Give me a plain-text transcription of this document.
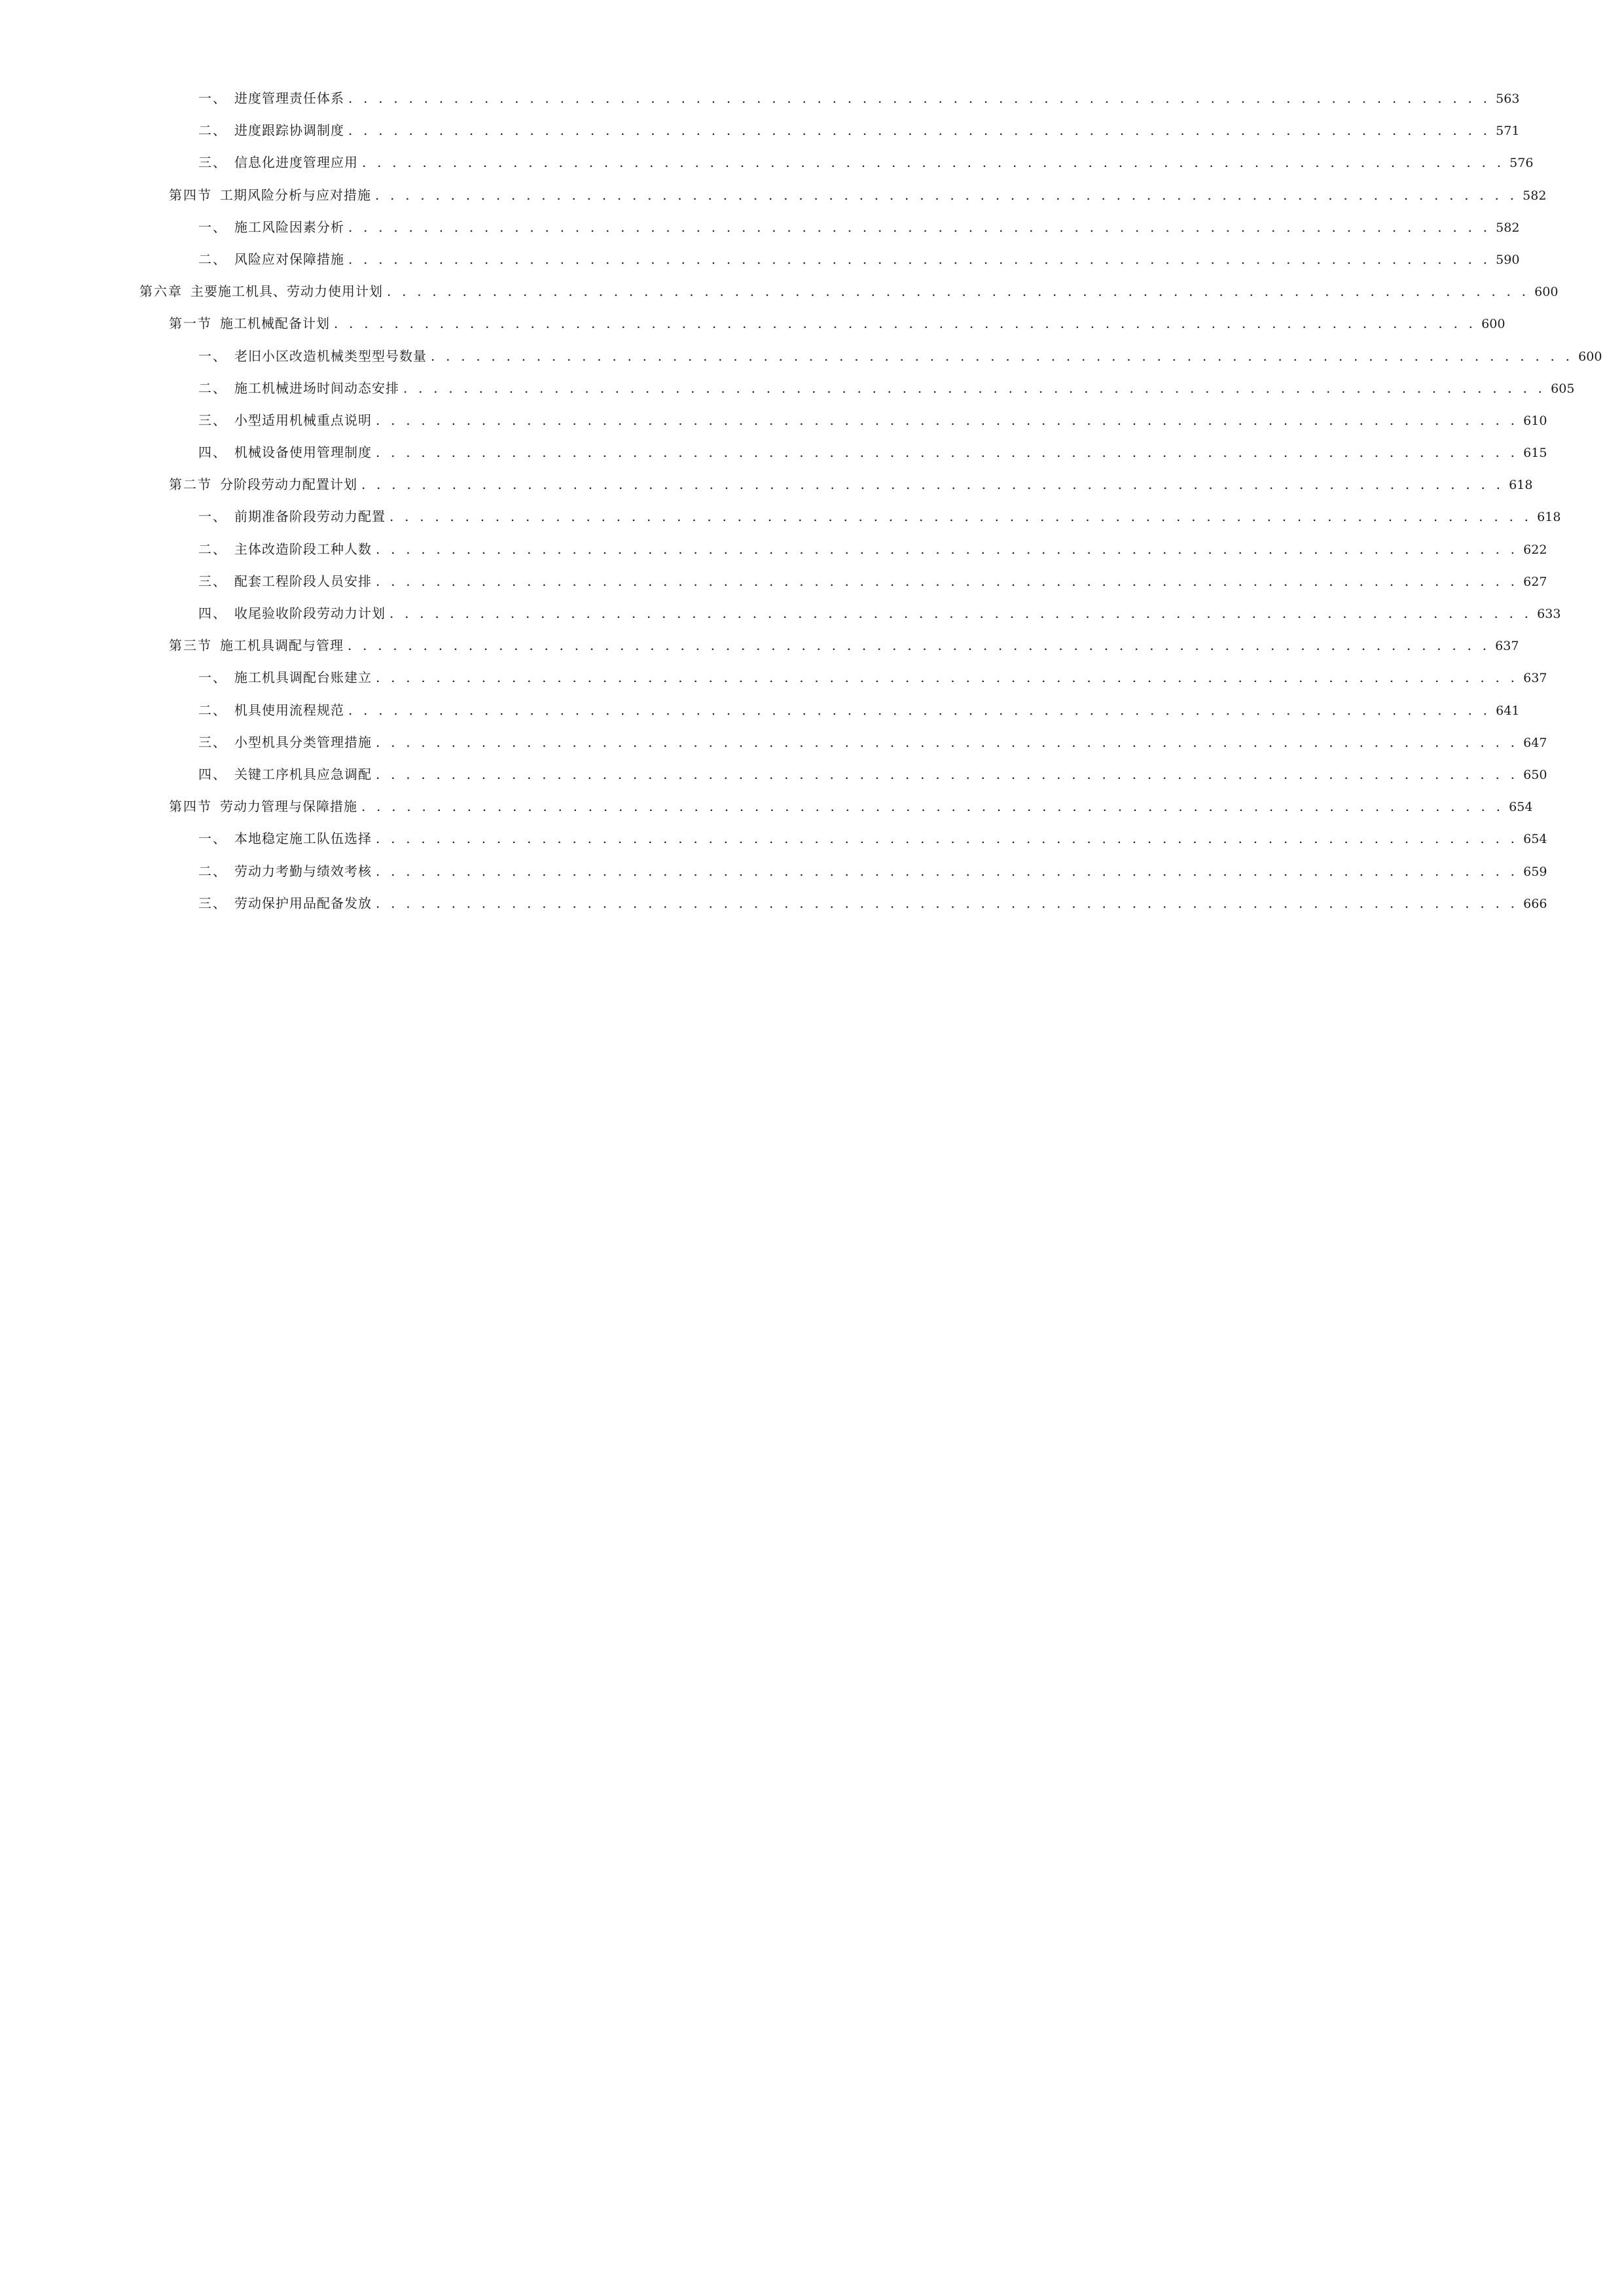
一、 进度管理责任体系 . . . . . . . . . . . . . . . . . . . . . . . . . . . . . . . . . . . . . . . . . . . . . . . . . . . . . . . . . . . . . . . . . . . . . . . . . . . . 563
二、 进度跟踪协调制度 . . . . . . . . . . . . . . . . . . . . . . . . . . . . . . . . . . . . . . . . . . . . . . . . . . . . . . . . . . . . . . . . . . . . . . . . . . . . 571
三、 信息化进度管理应用 . . . . . . . . . . . . . . . . . . . . . . . . . . . . . . . . . . . . . . . . . . . . . . . . . . . . . . . . . . . . . . . . . . . . . . . . . . . . 576
第四节 工期风险分析与应对措施 . . . . . . . . . . . . . . . . . . . . . . . . . . . . . . . . . . . . . . . . . . . . . . . . . . . . . . . . . . . . . . . . . . . . . . . . . . . . 582
一、 施工风险因素分析 . . . . . . . . . . . . . . . . . . . . . . . . . . . . . . . . . . . . . . . . . . . . . . . . . . . . . . . . . . . . . . . . . . . . . . . . . . . . 582
二、 风险应对保障措施 . . . . . . . . . . . . . . . . . . . . . . . . . . . . . . . . . . . . . . . . . . . . . . . . . . . . . . . . . . . . . . . . . . . . . . . . . . . . 590
第六章 主要施工机具、劳动力使用计划 . . . . . . . . . . . . . . . . . . . . . . . . . . . . . . . . . . . . . . . . . . . . . . . . . . . . . . . . . . . . . . . . . . . . . . . . . . . . 600
第一节 施工机械配备计划 . . . . . . . . . . . . . . . . . . . . . . . . . . . . . . . . . . . . . . . . . . . . . . . . . . . . . . . . . . . . . . . . . . . . . . . . . . . . 600
一、 老旧小区改造机械类型型号数量 . . . . . . . . . . . . . . . . . . . . . . . . . . . . . . . . . . . . . . . . . . . . . . . . . . . . . . . . . . . . . . . . . . . . . . . . . . . . 600
二、 施工机械进场时间动态安排 . . . . . . . . . . . . . . . . . . . . . . . . . . . . . . . . . . . . . . . . . . . . . . . . . . . . . . . . . . . . . . . . . . . . . . . . . . . . 605
三、 小型适用机械重点说明 . . . . . . . . . . . . . . . . . . . . . . . . . . . . . . . . . . . . . . . . . . . . . . . . . . . . . . . . . . . . . . . . . . . . . . . . . . . . 610
四、 机械设备使用管理制度 . . . . . . . . . . . . . . . . . . . . . . . . . . . . . . . . . . . . . . . . . . . . . . . . . . . . . . . . . . . . . . . . . . . . . . . . . . . . 615
第二节 分阶段劳动力配置计划 . . . . . . . . . . . . . . . . . . . . . . . . . . . . . . . . . . . . . . . . . . . . . . . . . . . . . . . . . . . . . . . . . . . . . . . . . . . . 618
一、 前期准备阶段劳动力配置 . . . . . . . . . . . . . . . . . . . . . . . . . . . . . . . . . . . . . . . . . . . . . . . . . . . . . . . . . . . . . . . . . . . . . . . . . . . . 618
二、 主体改造阶段工种人数 . . . . . . . . . . . . . . . . . . . . . . . . . . . . . . . . . . . . . . . . . . . . . . . . . . . . . . . . . . . . . . . . . . . . . . . . . . . . 622
三、 配套工程阶段人员安排 . . . . . . . . . . . . . . . . . . . . . . . . . . . . . . . . . . . . . . . . . . . . . . . . . . . . . . . . . . . . . . . . . . . . . . . . . . . . 627
四、 收尾验收阶段劳动力计划 . . . . . . . . . . . . . . . . . . . . . . . . . . . . . . . . . . . . . . . . . . . . . . . . . . . . . . . . . . . . . . . . . . . . . . . . . . . . 633
第三节 施工机具调配与管理 . . . . . . . . . . . . . . . . . . . . . . . . . . . . . . . . . . . . . . . . . . . . . . . . . . . . . . . . . . . . . . . . . . . . . . . . . . . . 637
一、 施工机具调配台账建立 . . . . . . . . . . . . . . . . . . . . . . . . . . . . . . . . . . . . . . . . . . . . . . . . . . . . . . . . . . . . . . . . . . . . . . . . . . . . 637
二、 机具使用流程规范 . . . . . . . . . . . . . . . . . . . . . . . . . . . . . . . . . . . . . . . . . . . . . . . . . . . . . . . . . . . . . . . . . . . . . . . . . . . . 641
三、 小型机具分类管理措施 . . . . . . . . . . . . . . . . . . . . . . . . . . . . . . . . . . . . . . . . . . . . . . . . . . . . . . . . . . . . . . . . . . . . . . . . . . . . 647
四、 关键工序机具应急调配 . . . . . . . . . . . . . . . . . . . . . . . . . . . . . . . . . . . . . . . . . . . . . . . . . . . . . . . . . . . . . . . . . . . . . . . . . . . . 650
第四节 劳动力管理与保障措施 . . . . . . . . . . . . . . . . . . . . . . . . . . . . . . . . . . . . . . . . . . . . . . . . . . . . . . . . . . . . . . . . . . . . . . . . . . . . 654
一、 本地稳定施工队伍选择 . . . . . . . . . . . . . . . . . . . . . . . . . . . . . . . . . . . . . . . . . . . . . . . . . . . . . . . . . . . . . . . . . . . . . . . . . . . . 654
二、 劳动力考勤与绩效考核 . . . . . . . . . . . . . . . . . . . . . . . . . . . . . . . . . . . . . . . . . . . . . . . . . . . . . . . . . . . . . . . . . . . . . . . . . . . . 659
三、 劳动保护用品配备发放 . . . . . . . . . . . . . . . . . . . . . . . . . . . . . . . . . . . . . . . . . . . . . . . . . . . . . . . . . . . . . . . . . . . . . . . . . . . . 666
